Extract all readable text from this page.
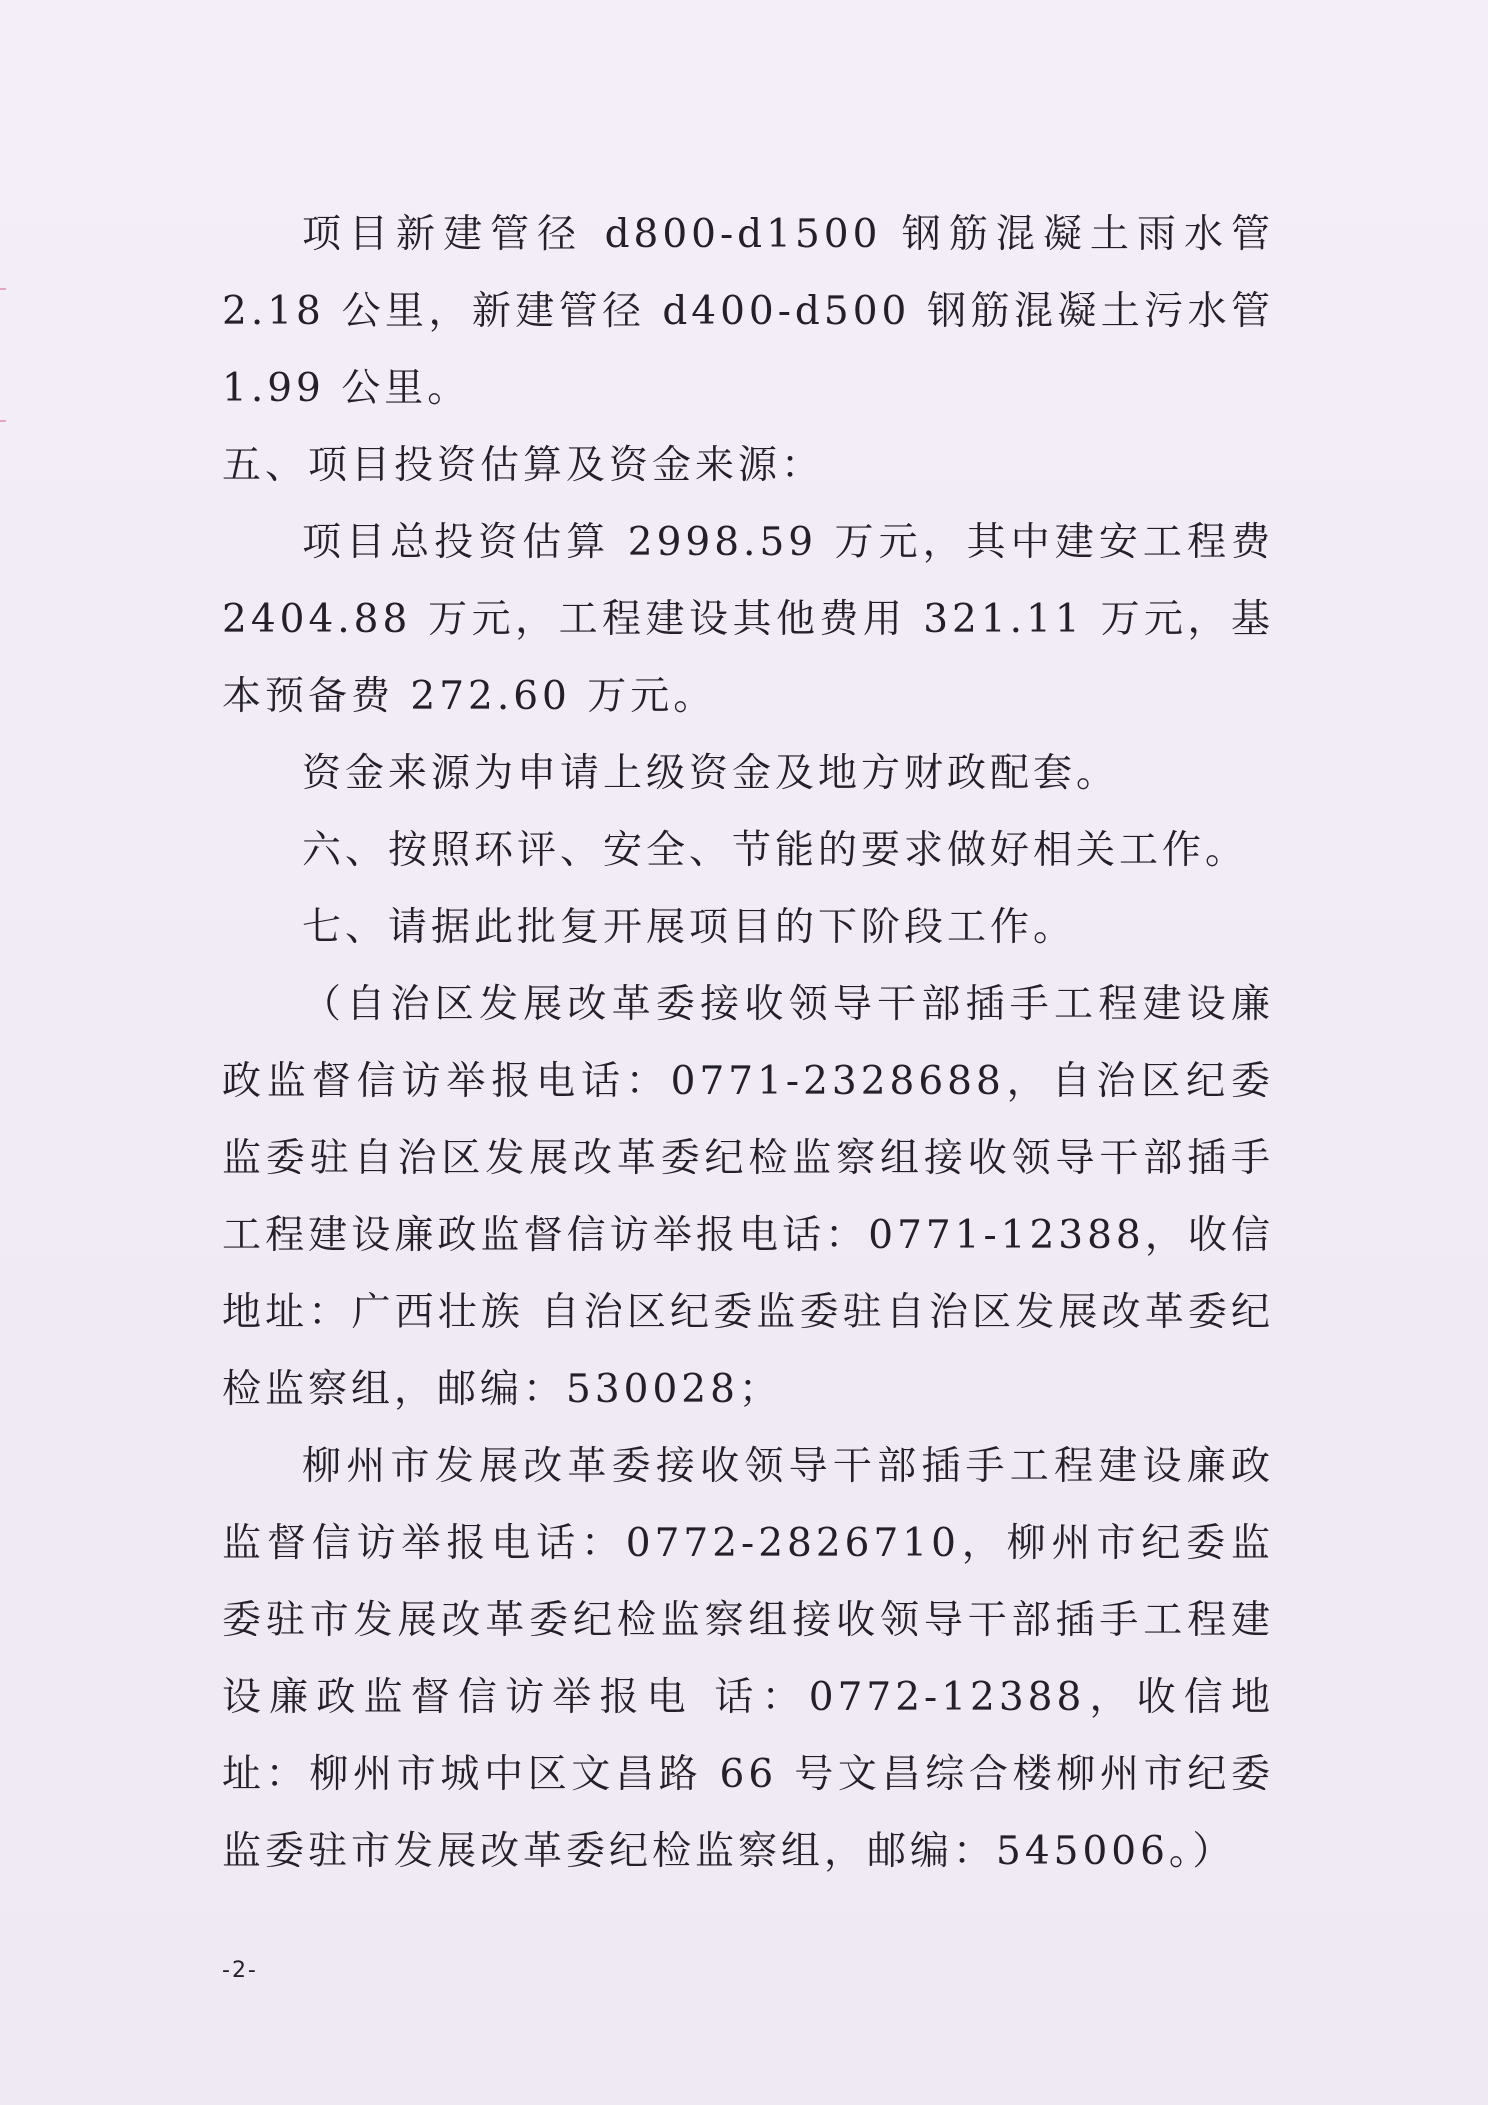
项目新建管径 d800-d1500 钢筋混凝土雨水管 2.18 公里，新建管径 d400-d500 钢筋混凝土污水管 1.99 公里。

五、项目投资估算及资金来源：

项目总投资估算 2998.59 万元，其中建安工程费 2404.88 万元，工程建设其他费用 321.11 万元，基本预备费 272.60 万元。

资金来源为申请上级资金及地方财政配套。

六、按照环评、安全、节能的要求做好相关工作。

七、请据此批复开展项目的下阶段工作。

（自治区发展改革委接收领导干部插手工程建设廉政监督信访举报电话：0771-2328688，自治区纪委监委驻自治区发展改革委纪检监察组接收领导干部插手工程建设廉政监督信访举报电话：0771-12388，收信地址：广西壮族 自治区纪委监委驻自治区发展改革委纪检监察组，邮编：530028；

柳州市发展改革委接收领导干部插手工程建设廉政监督信访举报电话：0772-2826710，柳州市纪委监委驻市发展改革委纪检监察组接收领导干部插手工程建设廉政监督信访举报电 话：0772-12388，收信地址：柳州市城中区文昌路 66 号文昌综合楼柳州市纪委监委驻市发展改革委纪检监察组，邮编：545006。）

-2-
